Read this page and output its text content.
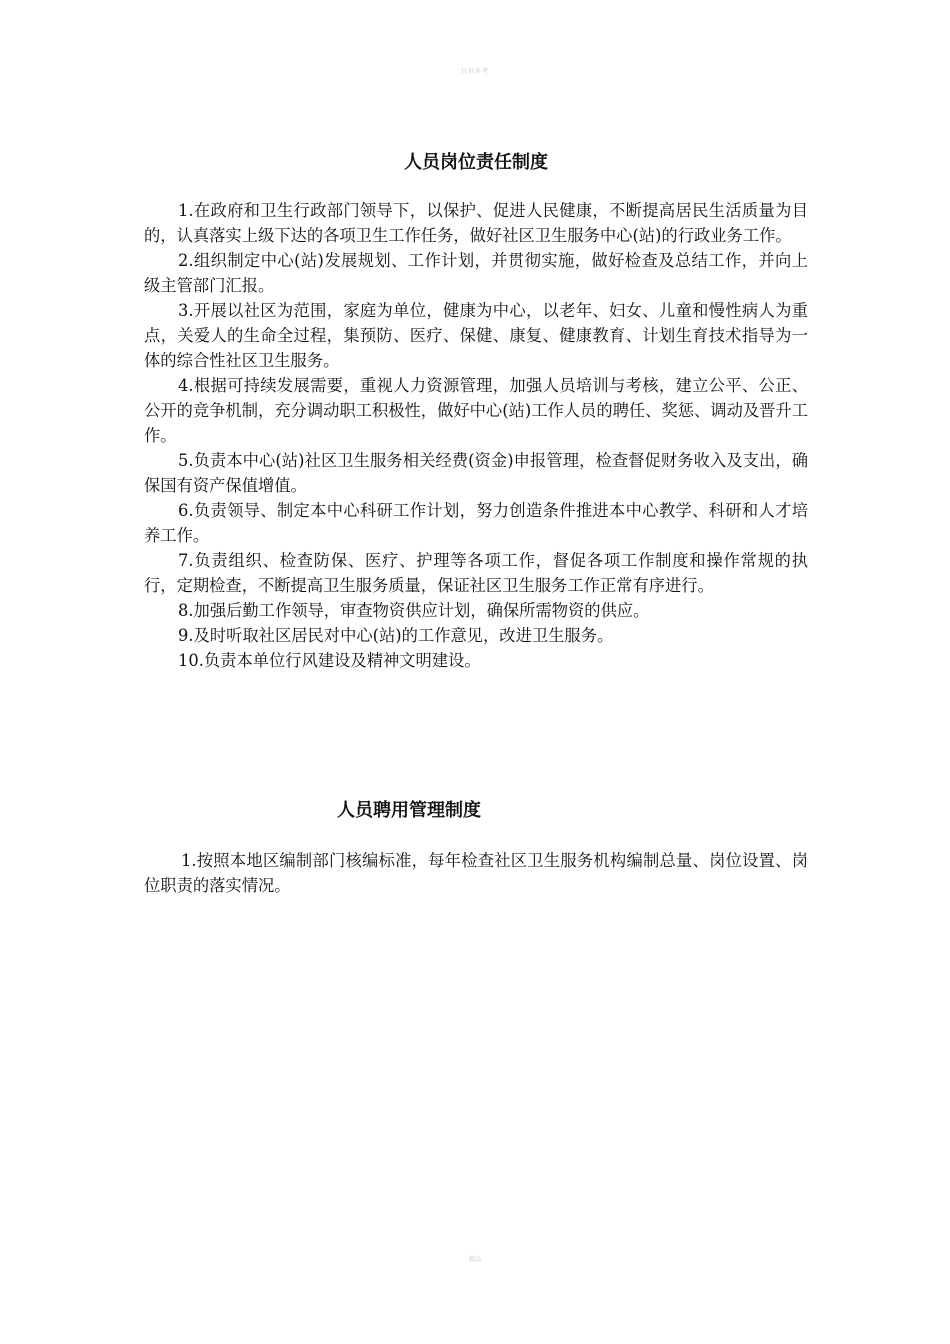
仅供参考
人员岗位责任制度

1.在政府和卫生行政部门领导下，以保护、促进人民健康，不断提高居民生活质量为目的，认真落实上级下达的各项卫生工作任务，做好社区卫生服务中心(站)的行政业务工作。

2.组织制定中心(站)发展规划、工作计划，并贯彻实施，做好检查及总结工作，并向上级主管部门汇报。

3.开展以社区为范围，家庭为单位，健康为中心，以老年、妇女、儿童和慢性病人为重点，关爱人的生命全过程，集预防、医疗、保健、康复、健康教育、计划生育技术指导为一体的综合性社区卫生服务。

4.根据可持续发展需要，重视人力资源管理，加强人员培训与考核，建立公平、公正、公开的竞争机制，充分调动职工积极性，做好中心(站)工作人员的聘任、奖惩、调动及晋升工作。

5.负责本中心(站)社区卫生服务相关经费(资金)申报管理，检查督促财务收入及支出，确保国有资产保值增值。

6.负责领导、制定本中心科研工作计划，努力创造条件推进本中心教学、科研和人才培养工作。

7.负责组织、检查防保、医疗、护理等各项工作，督促各项工作制度和操作常规的执行，定期检查，不断提高卫生服务质量，保证社区卫生服务工作正常有序进行。

8.加强后勤工作领导，审查物资供应计划，确保所需物资的供应。

9.及时听取社区居民对中心(站)的工作意见，改进卫生服务。

10.负责本单位行风建设及精神文明建设。

人员聘用管理制度

1.按照本地区编制部门核编标准，每年检查社区卫生服务机构编制总量、岗位设置、岗位职责的落实情况。

精品
